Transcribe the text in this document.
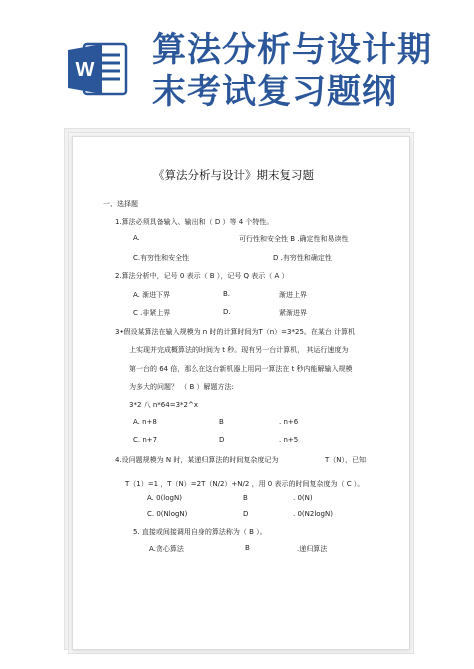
W 算法分析与设计期
末考试复习题纲
《算法分析与设计》期末复习题
一、选择题
1.算法必须具备输入、输出和（ D ）等 4 个特性。
A.	可行性和安全性 B .确定性和易读性
C.有穷性和安全性	D .有穷性和确定性
2.算法分析中，记号 0 表示（ B ），记号 Q 表示（ A ）
A. 渐进下界	B.	渐进上界
C .非紧上界	D.	紧渐进界
3•假设某算法在输入规模为 n 时的计算时间为T（n）=3*25。在某台 计算机
上实现并完成概算法的时间为 t 秒。现有另一台计算机， 其运行速度为
第一台的 64 倍，那么在这台新机器上用同一算法在 t 秒内能解输入规模
为多大的问题？ （ B ）解题方法:
3*2 八 n*64=3*2^x
A. n+8	B	. n+6
C. n+7	D	. n+5
4.设问题规模为 N 时，某递归算法的时间复杂度记为	T（N），已知
T（1）=1 ，T（N）=2T（N/2）+N/2 ，用 0 表示的时间复杂度为（ C ）。
A. 0(logN)	B	. 0(N)
C. 0(NlogN)	D	. 0(N2logN)
5. 直接或间接调用自身的算法称为（ B ）。
A.贪心算法	B	.递归算法
